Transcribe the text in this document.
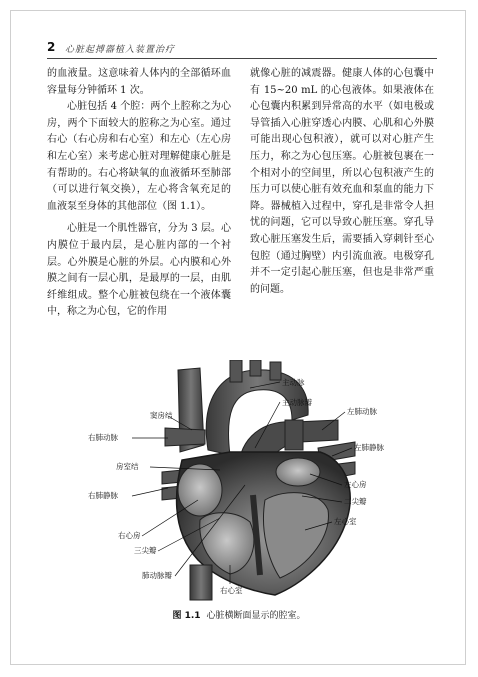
2 心脏起搏器植入装置治疗

的血液量。这意味着人体内的全部循环血容量每分钟循环 1 次。

心脏包括 4 个腔：两个上腔称之为心房，两个下面较大的腔称之为心室。通过右心（右心房和右心室）和左心（左心房和左心室）来考虑心脏对理解健康心脏是有帮助的。右心将缺氧的血液循环至肺部（可以进行氧交换），左心将含氧充足的血液泵至身体的其他部位（图 1.1）。

心脏是一个肌性器官，分为 3 层。心内膜位于最内层，是心脏内部的一个衬层。心外膜是心脏的外层。心内膜和心外膜之间有一层心肌，是最厚的一层，由肌纤维组成。整个心脏被包绕在一个液体囊中，称之为心包，它的作用

就像心脏的减震器。健康人体的心包囊中有 15~20 mL 的心包液体。如果液体在心包囊内积累到异常高的水平（如电极或导管插入心脏穿透心内膜、心肌和心外膜可能出现心包积液），就可以对心脏产生压力，称之为心包压塞。心脏被包裹在一个相对小的空间里，所以心包积液产生的压力可以使心脏有效充血和泵血的能力下降。器械植入过程中，穿孔是非常令人担忧的问题，它可以导致心脏压塞。穿孔导致心脏压塞发生后，需要插入穿刺针至心包腔（通过胸壁）内引流血液。电极穿孔并不一定引起心脏压塞，但也是非常严重的问题。

主动脉
主动脉瓣
窦房结	左肺动脉
右肺动脉
左肺静脉
房室结
右肺静脉
左心房
二尖瓣
左心室
右心房
三尖瓣
肺动脉瓣
右心室
图 1.1 心脏横断面显示的腔室。
